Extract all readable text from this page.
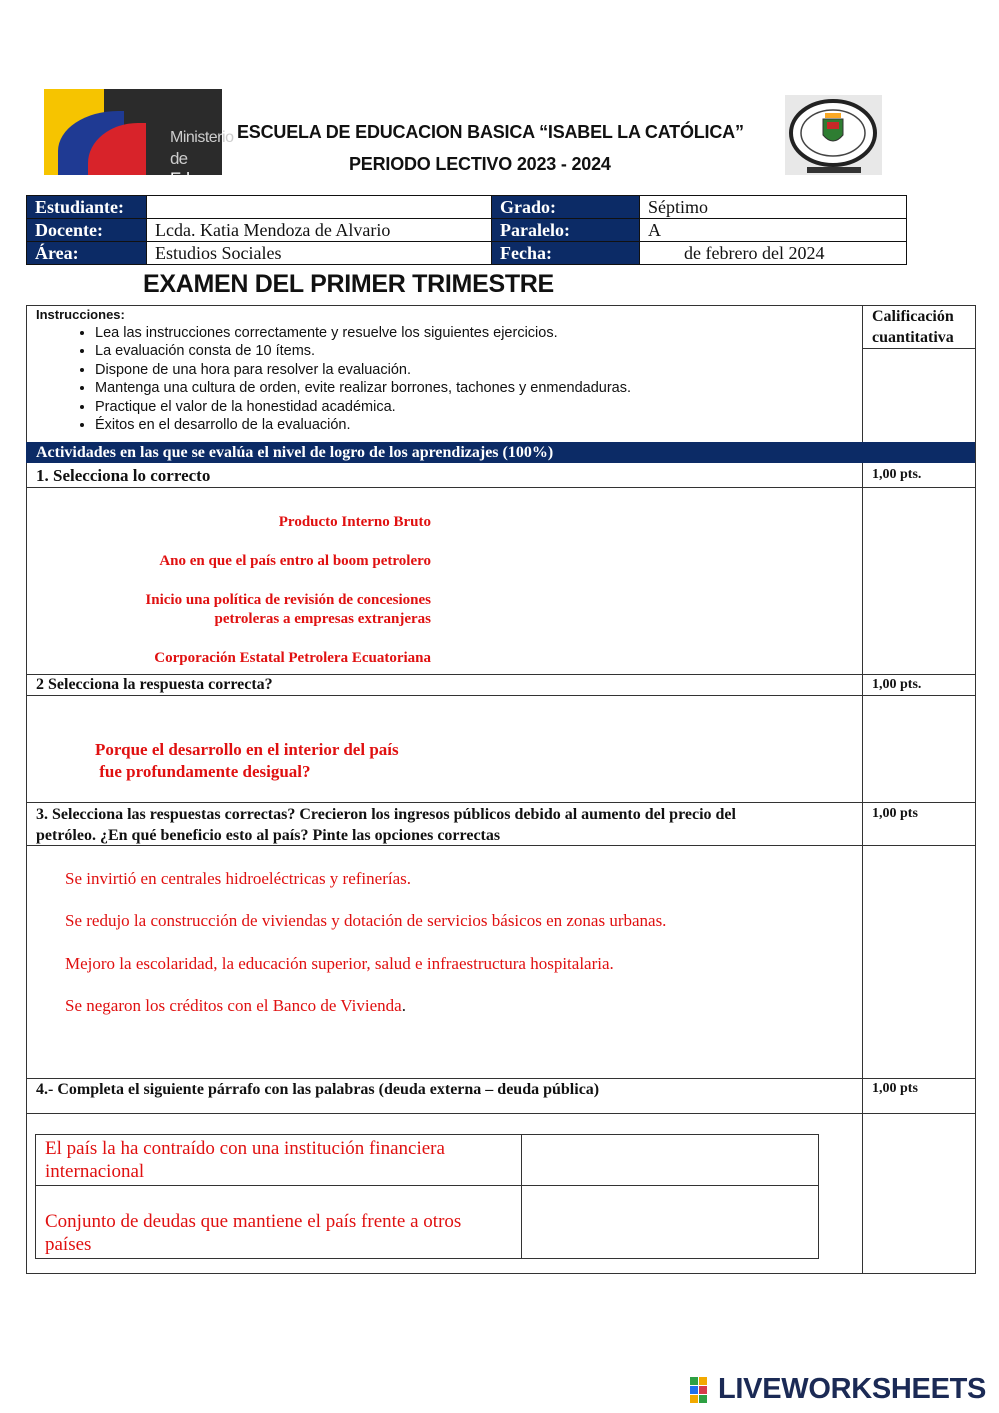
Ministerio
de Educación
ESCUELA DE EDUCACION BASICA “ISABEL LA CATÓLICA”
PERIODO LECTIVO 2023 - 2024
Estudiante:		Grado:	Séptimo
Docente:	Lcda. Katia Mendoza de Alvario	Paralelo:	A
Área:	Estudios Sociales	Fecha:	de febrero del 2024
EXAMEN DEL PRIMER TRIMESTRE
Instrucciones:
• Lea las instrucciones correctamente y resuelve los siguientes ejercicios.
• La evaluación consta de 10 ítems.
• Dispone de una hora para resolver la evaluación.
• Mantenga una cultura de orden, evite realizar borrones, tachones y enmendaduras.
• Practique el valor de la honestidad académica.
• Éxitos en el desarrollo de la evaluación.
Calificación
cuantitativa
Actividades en las que se evalúa el nivel de logro de los aprendizajes (100%)
1. Selecciona lo correcto	1,00 pts.
Producto Interno Bruto
Ano en que el país entro al boom petrolero
Inicio una política de revisión de concesiones
petroleras a empresas extranjeras
Corporación Estatal Petrolera Ecuatoriana
2 Selecciona la respuesta correcta?	1,00 pts.

Porque el desarrollo en el interior del país
fue profundamente desigual?

3. Selecciona las respuestas correctas? Crecieron los ingresos públicos debido al aumento del precio del
petróleo. ¿En qué beneficio esto al país? Pinte las opciones correctas
1,00 pts
Se invirtió en centrales hidroeléctricas y refinerías.
Se redujo la construcción de viviendas y dotación de servicios básicos en zonas urbanas.
Mejoro la escolaridad, la educación superior, salud e infraestructura hospitalaria.
Se negaron los créditos con el Banco de Vivienda.
4.- Completa el siguiente párrafo con las palabras (deuda externa – deuda pública)	1,00 pts
El país la ha contraído con una institución financiera internacional	
Conjunto de deudas que mantiene el país frente a otros países	
LIVEWORKSHEETS
